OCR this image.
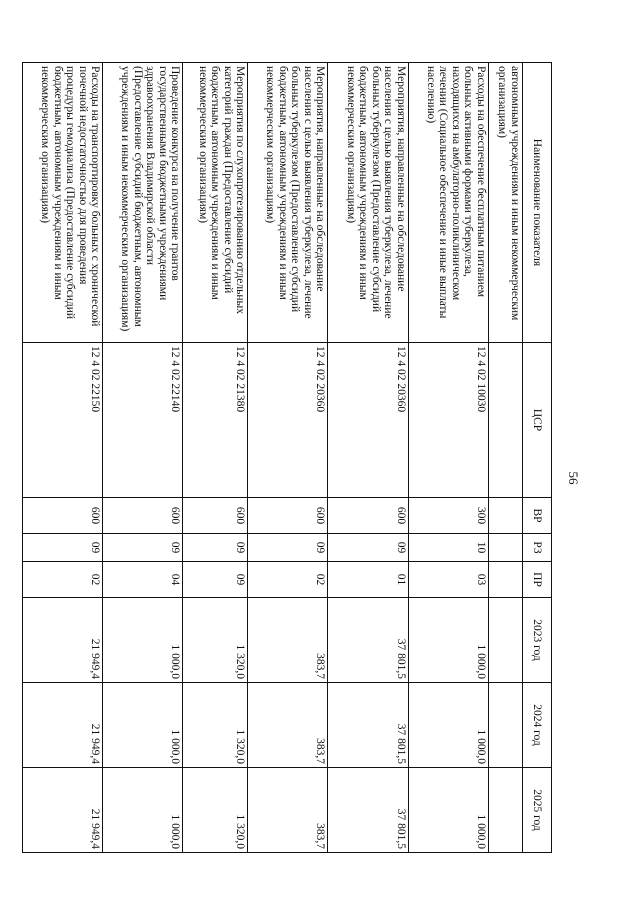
56
Наименование показателя	ЦСР	ВР	РЗ	ПР	2023 год	2024 год	2025 год
автономным учреждениям и иным некоммерческим организациям)							
Расходы на обеспечение бесплатным питанием больных активными формами туберкулеза, находящихся на амбулаторно-поликлиническом лечении (Социальное обеспечение и иные выплаты населению)	12 4 02 10030	300	10	03	1 000,0	1 000,0	1 000,0
Мероприятия, направленные на обследование населения с целью выявления туберкулеза, лечение больных туберкулезом (Предоставление субсидий бюджетным, автономным учреждениям и иным некоммерческим организациям)	12 4 02 20360	600	09	01	37 801,5	37 801,5	37 801,5
Мероприятия, направленные на обследование населения с целью выявления туберкулеза, лечение больных туберкулезом (Предоставление субсидий бюджетным, автономным учреждениям и иным некоммерческим организациям)	12 4 02 20360	600	09	02	383,7	383,7	383,7
Мероприятия по слухопротезированию отдельных категорий граждан (Предоставление субсидий бюджетным, автономным учреждениям и иным некоммерческим организациям)	12 4 02 21380	600	09	09	1 320,0	1 320,0	1 320,0
Проведение конкурса на получение грантов государственными бюджетными учреждениями здравоохранения Владимирской области (Предоставление субсидий бюджетным, автономным учреждениям и иным некоммерческим организациям)	12 4 02 22140	600	09	04	1 000,0	1 000,0	1 000,0
Расходы на транспортировку больных с хронической почечной недостаточностью для проведения процедуры гемодиализа (Предоставление субсидий бюджетным, автономным учреждениям и иным некоммерческим организациям)	12 4 02 22150	600	09	02	21 949,4	21 949,4	21 949,4
